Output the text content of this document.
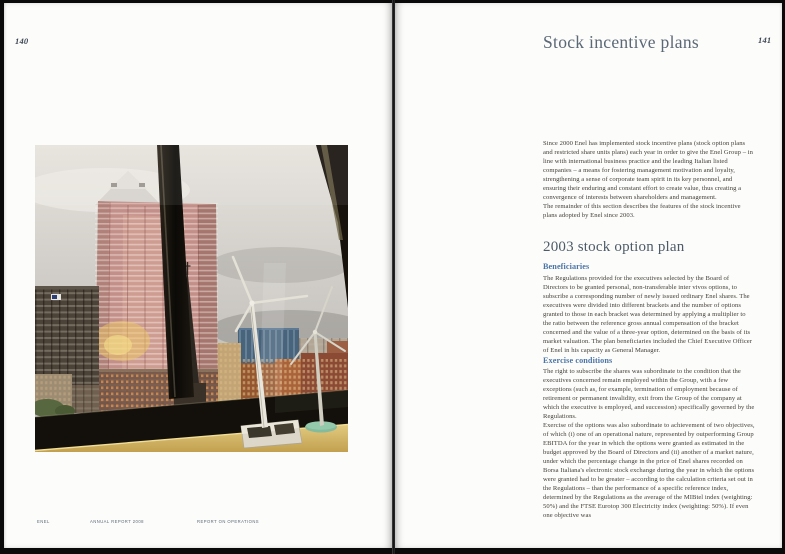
140
ENEL	ANNUAL REPORT 2008	REPORT ON OPERATIONS
141
Stock incentive plans

Since 2000 Enel has implemented stock incentive plans (stock option plans and restricted share units plans) each year in order to give the Enel Group – in line with international business practice and the leading Italian listed companies – a means for fostering management motivation and loyalty, strengthening a sense of corporate team spirit in its key personnel, and ensuring their enduring and constant effort to create value, thus creating a convergence of interests between shareholders and management.

The remainder of this section describes the features of the stock incentive plans adopted by Enel since 2003.

2003 stock option plan
Beneficiaries

The Regulations provided for the executives selected by the Board of Directors to be granted personal, non-transferable inter vivos options, to subscribe a corresponding number of newly issued ordinary Enel shares. The executives were divided into different brackets and the number of options granted to those in each bracket was determined by applying a multiplier to the ratio between the reference gross annual compensation of the bracket concerned and the value of a three-year option, determined on the basis of its market valuation. The plan beneficiaries included the Chief Executive Officer of Enel in his capacity as General Manager.

Exercise conditions

The right to subscribe the shares was subordinate to the condition that the executives concerned remain employed within the Group, with a few exceptions (such as, for example, termination of employment because of retirement or permanent invalidity, exit from the Group of the company at which the executive is employed, and succession) specifically governed by the Regulations.

Exercise of the options was also subordinate to achievement of two objectives, of which (i) one of an operational nature, represented by outperforming Group EBITDA for the year in which the options were granted as estimated in the budget approved by the Board of Directors and (ii) another of a market nature, under which the percentage change in the price of Enel shares recorded on Borsa Italiana's electronic stock exchange during the year in which the options were granted had to be greater – according to the calculation criteria set out in the Regulations – than the performance of a specific reference index, determined by the Regulations as the average of the MIBtel index (weighting: 50%) and the FTSE Eurotop 300 Electricity index (weighting: 50%). If even one objective was
